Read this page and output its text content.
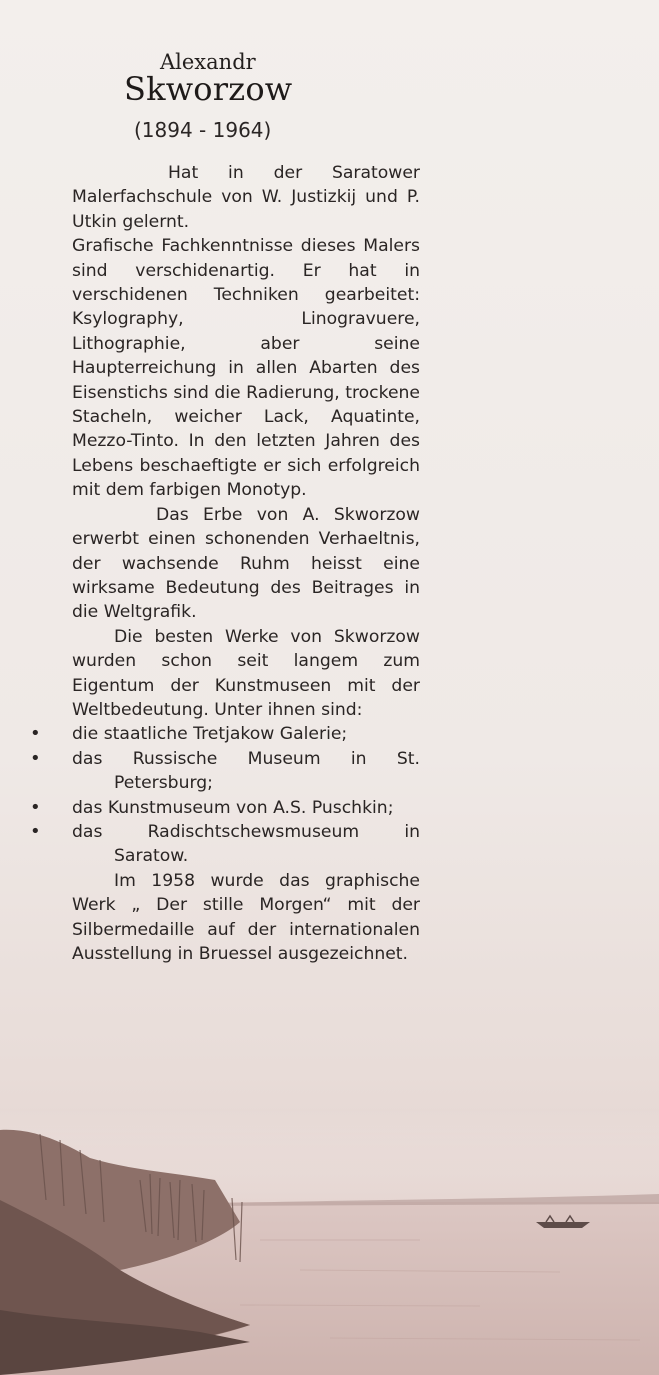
Alexandr
Skworzow
(1894 - 1964)

Hat in der Saratower Malerfachschule von W. Justizkij und P. Utkin gelernt.

Grafische Fachkenntnisse dieses Malers sind verschidenartig. Er hat in verschidenen Techniken gearbeitet: Ksylography, Linogravuere, Lithographie, aber seine Haupterreichung in allen Abarten des Eisenstichs sind die Radierung, trockene Stacheln, weicher Lack, Aquatinte, Mezzo-Tinto. In den letzten Jahren des Lebens beschaeftigte er sich erfolgreich mit dem farbigen Monotyp.

Das Erbe von A. Skworzow erwerbt einen schonenden Verhaeltnis, der wachsende Ruhm heisst eine wirksame Bedeutung des Beitrages in die Weltgrafik.

Die besten Werke von Skworzow wurden schon seit langem zum Eigentum der Kunstmuseen mit der Weltbedeutung. Unter ihnen sind:

die staatliche Tretjakow Galerie;
das Russische Museum in St. Petersburg;
das Kunstmuseum von A.S. Puschkin;
das Radischtschewsmuseum in Saratow.

Im 1958 wurde das graphische Werk „ Der stille Morgen“ mit der Silbermedaille auf der internationalen Ausstellung in Bruessel ausgezeichnet.
